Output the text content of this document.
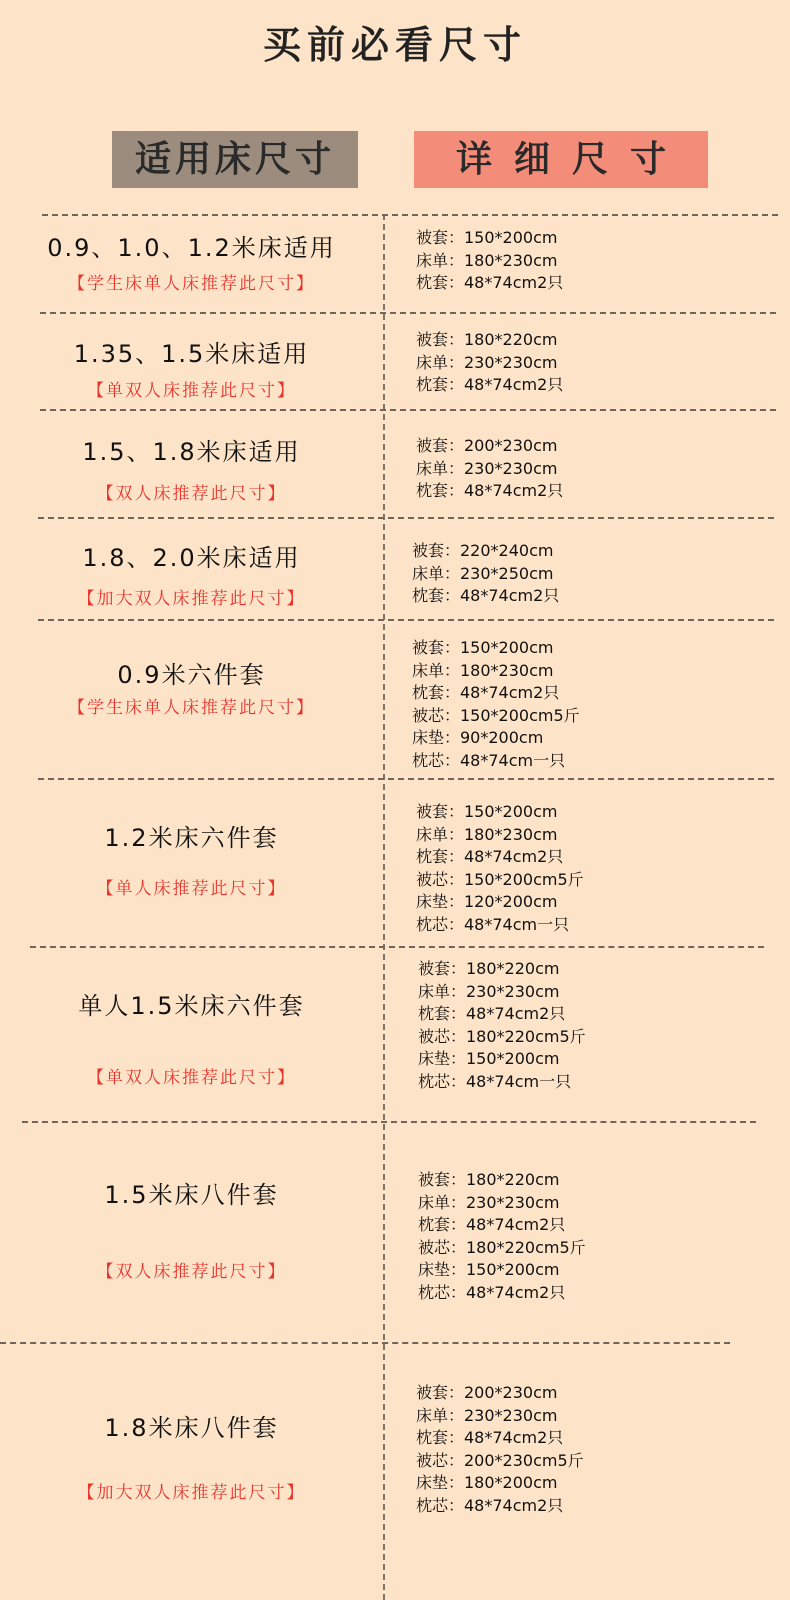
买前必看尺寸
适用床尺寸	详细尺寸
0.9、1.0、1.2米床适用
【学生床单人床推荐此尺寸】
被套：150*200cm
床单：180*230cm
枕套：48*74cm2只
1.35、1.5米床适用
【单双人床推荐此尺寸】
被套：180*220cm
床单：230*230cm
枕套：48*74cm2只
1.5、1.8米床适用
【双人床推荐此尺寸】
被套：200*230cm
床单：230*230cm
枕套：48*74cm2只
1.8、2.0米床适用
【加大双人床推荐此尺寸】
被套：220*240cm
床单：230*250cm
枕套：48*74cm2只
0.9米六件套
【学生床单人床推荐此尺寸】
被套：150*200cm
床单：180*230cm
枕套：48*74cm2只
被芯：150*200cm5斤
床垫：90*200cm
枕芯：48*74cm一只
1.2米床六件套
【单人床推荐此尺寸】
被套：150*200cm
床单：180*230cm
枕套：48*74cm2只
被芯：150*200cm5斤
床垫：120*200cm
枕芯：48*74cm一只
单人1.5米床六件套
【单双人床推荐此尺寸】
被套：180*220cm
床单：230*230cm
枕套：48*74cm2只
被芯：180*220cm5斤
床垫：150*200cm
枕芯：48*74cm一只
1.5米床八件套
【双人床推荐此尺寸】
被套：180*220cm
床单：230*230cm
枕套：48*74cm2只
被芯：180*220cm5斤
床垫：150*200cm
枕芯：48*74cm2只
1.8米床八件套
【加大双人床推荐此尺寸】
被套：200*230cm
床单：230*230cm
枕套：48*74cm2只
被芯：200*230cm5斤
床垫：180*200cm
枕芯：48*74cm2只
